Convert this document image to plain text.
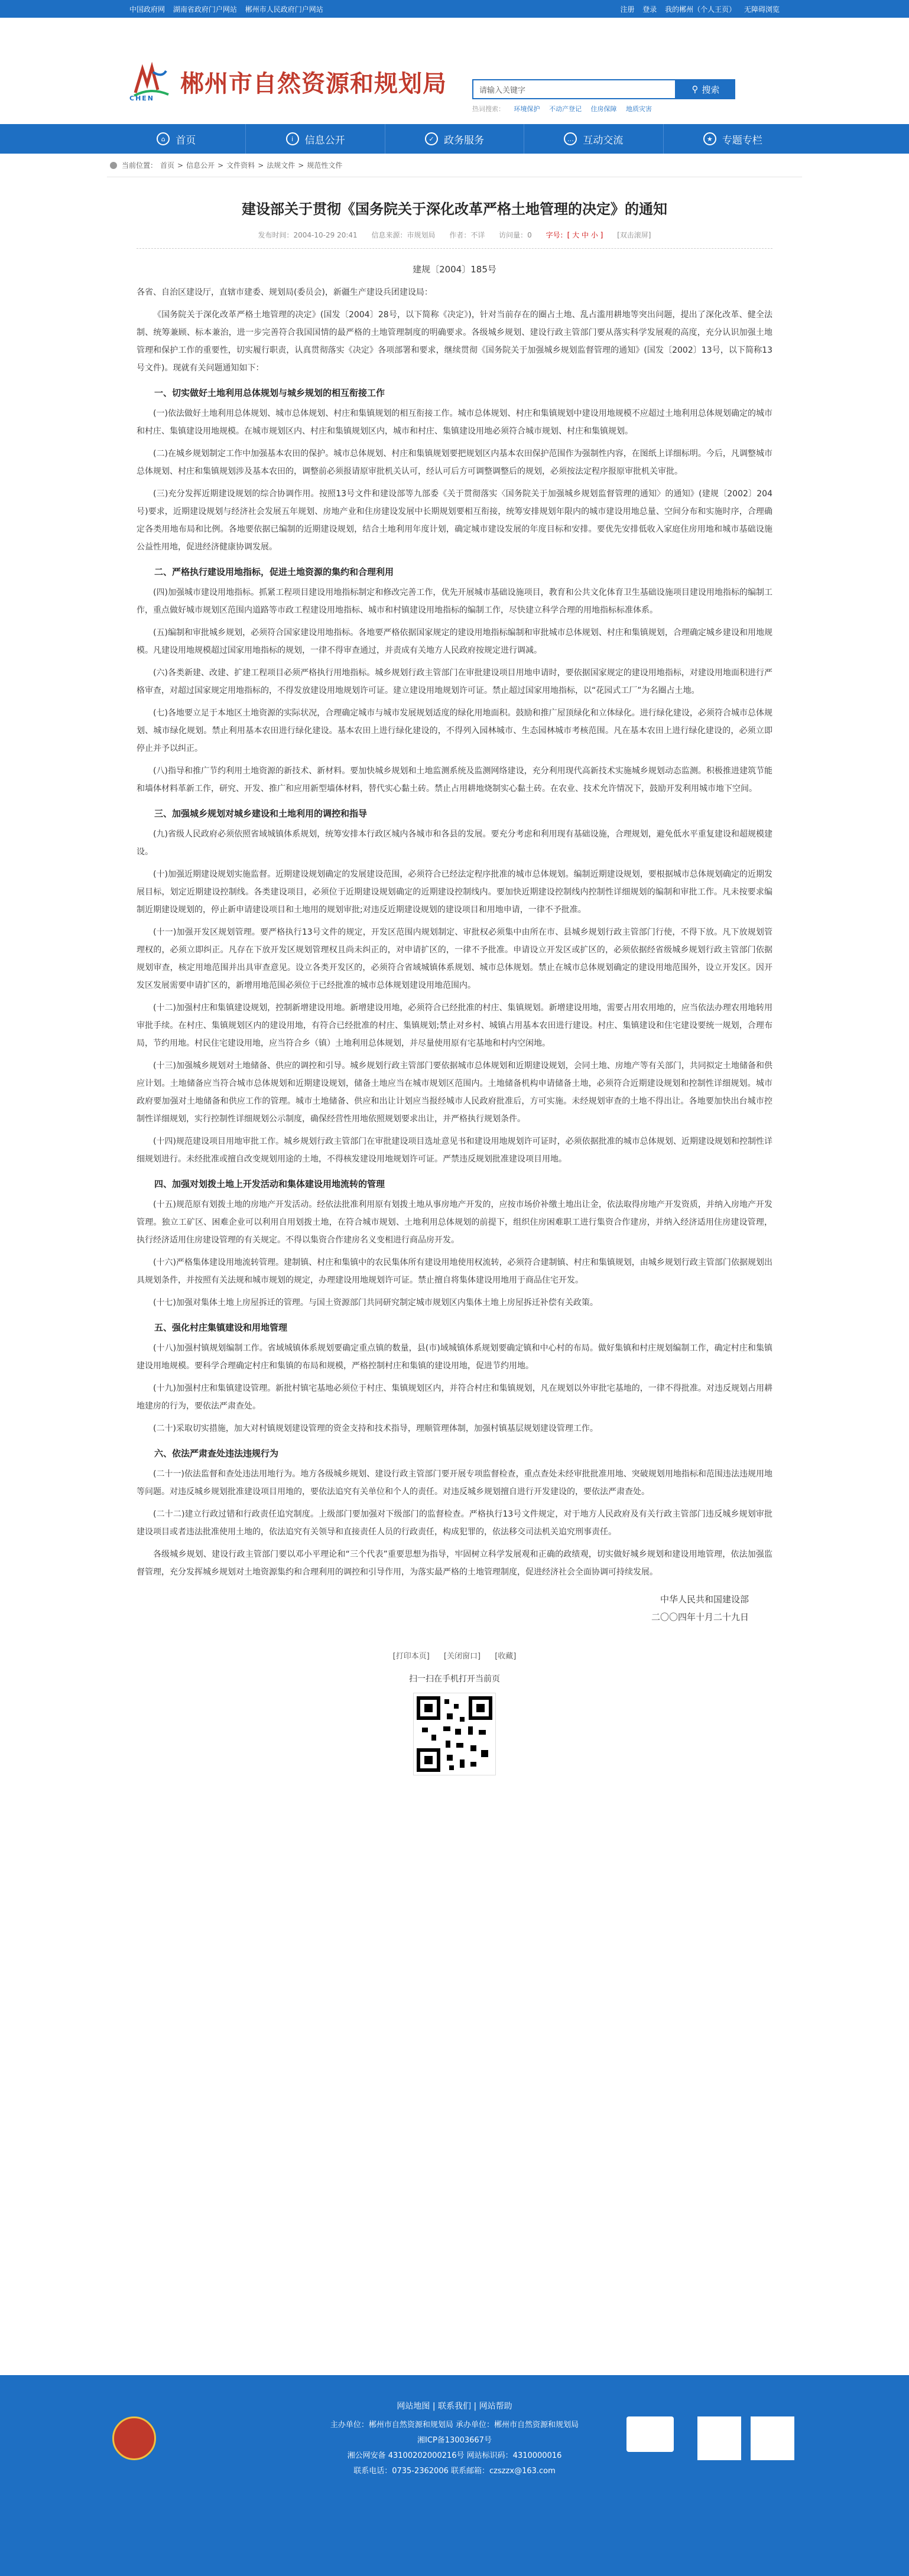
中国政府网 湖南省政府门户网站 郴州市人民政府门户网站	注册 登录 我的郴州（个人王页） 无障碍浏览
CHEN
郴州市自然资源和规划局	请输入关键字	⚲ 搜索
热词搜索： 环境保护 不动产登记 住房保障 地质灾害
⌂	首页	i	信息公开	✓ 政务服务	… 互动交流	★ 专题专栏
当前位置： 首页 > 信息公开 > 文件资料 > 法规文件 > 规范性文件
建设部关于贯彻《国务院关于深化改革严格土地管理的决定》的通知
发布时间：2004-10-29 20:41 信息来源：市规划局 作者：不详 访问量：0 字号：[ 大 中 小 ] [双击滚屏]
建规〔2004〕185号
各省、自治区建设厅，直辖市建委、规划局(委员会)，新疆生产建设兵团建设局：
《国务院关于深化改革严格土地管理的决定》(国发〔2004〕28号，以下简称《决定》)，针对当前存在的圈占土地、乱占滥用耕地等突出问题，提出了深化改革、健全法制、统筹兼顾、标本兼治，进一步完善符合我国国情的最严格的土地管理制度的明确要求。各级城乡规划、建设行政主管部门要从落实科学发展观的高度，充分认识加强土地管理和保护工作的重要性，切实履行职责，认真贯彻落实《决定》各项部署和要求，继续贯彻《国务院关于加强城乡规划监督管理的通知》(国发〔2002〕13号，以下简称13号文件)。现就有关问题通知如下：
一、切实做好土地利用总体规划与城乡规划的相互衔接工作
(一)依法做好土地利用总体规划、城市总体规划、村庄和集镇规划的相互衔接工作。城市总体规划、村庄和集镇规划中建设用地规模不应超过土地利用总体规划确定的城市和村庄、集镇建设用地规模。在城市规划区内、村庄和集镇规划区内，城市和村庄、集镇建设用地必须符合城市规划、村庄和集镇规划。
(二)在城乡规划制定工作中加强基本农田的保护。城市总体规划、村庄和集镇规划要把规划区内基本农田保护范围作为强制性内容，在图纸上详细标明。今后，凡调整城市总体规划、村庄和集镇规划涉及基本农田的，调整前必须报请原审批机关认可，经认可后方可调整调整后的规划，必须按法定程序报原审批机关审批。
(三)充分发挥近期建设规划的综合协调作用。按照13号文件和建设部等九部委《关于贯彻落实〈国务院关于加强城乡规划监督管理的通知〉的通知》(建规〔2002〕204号)要求，近期建设规划与经济社会发展五年规划、房地产业和住房建设发展中长期规划要相互衔接，统筹安排规划年限内的城市建设用地总量、空间分布和实施时序，合理确定各类用地布局和比例。各地要依据已编制的近期建设规划，结合土地利用年度计划，确定城市建设发展的年度目标和安排。要优先安排低收入家庭住房用地和城市基础设施公益性用地，促进经济健康协调发展。
二、严格执行建设用地指标，促进土地资源的集约和合理利用
(四)加强城市建设用地指标。抓紧工程项目建设用地指标制定和修改完善工作，优先开展城市基础设施项目，教育和公共文化体育卫生基础设施项目建设用地指标的编制工作，重点做好城市规划区范围内道路等市政工程建设用地指标、城市和村镇建设用地指标的编制工作，尽快建立科学合理的用地指标标准体系。
(五)编制和审批城乡规划，必须符合国家建设用地指标。各地要严格依据国家规定的建设用地指标编制和审批城市总体规划、村庄和集镇规划，合理确定城乡建设和用地规模。凡建设用地规模超过国家用地指标的规划，一律不得审查通过，并责成有关地方人民政府按规定进行调减。
(六)各类新建、改建、扩建工程项目必须严格执行用地指标。城乡规划行政主管部门在审批建设项目用地申请时，要依据国家规定的建设用地指标，对建设用地面积进行严格审查，对超过国家规定用地指标的，不得发放建设用地规划许可证。建立建设用地规划许可证。禁止超过国家用地指标，以“花园式工厂”为名圈占土地。
(七)各地要立足于本地区土地资源的实际状况，合理确定城市与城市发展规划适度的绿化用地面积。鼓励和推广屋顶绿化和立体绿化。进行绿化建设，必须符合城市总体规划、城市绿化规划。禁止利用基本农田进行绿化建设。基本农田上进行绿化建设的，不得列入园林城市、生态园林城市考核范围。凡在基本农田上进行绿化建设的，必须立即停止并予以纠正。
(八)指导和推广节约利用土地资源的新技术、新材料。要加快城乡规划和土地监测系统及监测网络建设，充分利用现代高新技术实施城乡规划动态监测。积极推进建筑节能和墙体材料革新工作，研究、开发、推广和应用新型墙体材料，替代实心黏土砖。禁止占用耕地烧制实心黏土砖。在农业、技术允许情况下，鼓励开发利用城市地下空间。
三、加强城乡规划对城乡建设和土地利用的调控和指导
(九)省级人民政府必须依照省域城镇体系规划，统筹安排本行政区城内各城市和各县的发展。要充分考虑和利用现有基础设施，合理规划，避免低水平重复建设和超规模建设。
(十)加强近期建设规划实施监督。近期建设规划确定的发展建设范围，必须符合已经法定程序批准的城市总体规划。编制近期建设规划，要根据城市总体规划确定的近期发展目标，划定近期建设控制线。各类建设项目，必须位于近期建设规划确定的近期建设控制线内。要加快近期建设控制线内控制性详细规划的编制和审批工作。凡未按要求编制近期建设规划的，停止新申请建设项目和土地用的规划审批;对违反近期建设规划的建设项目和用地申请，一律不予批准。
(十一)加强开发区规划管理。要严格执行13号文件的规定，开发区范围内规划制定、审批权必须集中由所在市、县城乡规划行政主管部门行使，不得下放。凡下放规划管理权的，必须立即纠正。凡存在下放开发区规划管理权且尚未纠正的，对申请扩区的，一律不予批准。申请设立开发区或扩区的，必须依据经省级城乡规划行政主管部门依据规划审查，核定用地范围并出具审查意见。设立各类开发区的，必须符合省域城镇体系规划、城市总体规划。禁止在城市总体规划确定的建设用地范围外，设立开发区。因开发区发展需要申请扩区的，新增用地范围必须位于已经批准的城市总体规划建设用地范围内。
(十二)加强村庄和集镇建设规划，控制新增建设用地。新增建设用地，必须符合已经批准的村庄、集镇规划。新增建设用地，需要占用农用地的，应当依法办理农用地转用审批手续。在村庄、集镇规划区内的建设用地，有符合已经批准的村庄、集镇规划;禁止对乡村、城镇占用基本农田进行建设。村庄、集镇建设和住宅建设要统一规划，合理布局，节约用地。村民住宅建设用地，应当符合乡（镇）土地利用总体规划，并尽量使用原有宅基地和村内空闲地。
(十三)加强城乡规划对土地储备、供应的调控和引导。城乡规划行政主管部门要依据城市总体规划和近期建设规划，会同土地、房地产等有关部门，共同拟定土地储备和供应计划。土地储备应当符合城市总体规划和近期建设规划，储备土地应当在城市规划区范围内。土地储备机构申请储备土地，必须符合近期建设规划和控制性详细规划。城市政府要加强对土地储备和供应工作的管理。城市土地储备、供应和出让计划应当报经城市人民政府批准后，方可实施。未经规划审查的土地不得出让。各地要加快出台城市控制性详细规划，实行控制性详细规划公示制度，确保经营性用地依照规划要求出让，并严格执行规划条件。
(十四)规范建设项目用地审批工作。城乡规划行政主管部门在审批建设项目选址意见书和建设用地规划许可证时，必须依据批准的城市总体规划、近期建设规划和控制性详细规划进行。未经批准或擅自改变规划用途的土地，不得核发建设用地规划许可证。严禁违反规划批准建设项目用地。
四、加强对划拨土地上开发活动和集体建设用地流转的管理
(十五)规范原有划拨土地的房地产开发活动。经依法批准利用原有划拨土地从事房地产开发的，应按市场价补缴土地出让金，依法取得房地产开发资质，并纳入房地产开发管理。独立工矿区、困难企业可以利用自用划拨土地，在符合城市规划、土地利用总体规划的前提下，组织住房困难职工进行集资合作建房，并纳入经济适用住房建设管理，执行经济适用住房建设管理的有关规定。不得以集资合作建房名义变相进行商品房开发。
(十六)严格集体建设用地流转管理。建制镇、村庄和集镇中的农民集体所有建设用地使用权流转，必须符合建制镇、村庄和集镇规划，由城乡规划行政主管部门依据规划出具规划条件，并按照有关法规和城市规划的规定，办理建设用地规划许可证。禁止擅自将集体建设用地用于商品住宅开发。
(十七)加强对集体土地上房屋拆迁的管理。与国土资源部门共同研究制定城市规划区内集体土地上房屋拆迁补偿有关政策。
五、强化村庄集镇建设和用地管理
(十八)加强村镇规划编制工作。省域城镇体系规划要确定重点镇的数量，县(市)域城镇体系规划要确定镇和中心村的布局。做好集镇和村庄规划编制工作，确定村庄和集镇建设用地规模。要科学合理确定村庄和集镇的布局和规模，严格控制村庄和集镇的建设用地，促进节约用地。
(十九)加强村庄和集镇建设管理。新批村镇宅基地必须位于村庄、集镇规划区内，并符合村庄和集镇规划，凡在规划以外审批宅基地的，一律不得批准。对违反规划占用耕地建房的行为，要依法严肃查处。
(二十)采取切实措施，加大对村镇规划建设管理的资金支持和技术指导，理顺管理体制，加强村镇基层规划建设管理工作。
六、依法严肃查处违法违规行为
(二十一)依法监督和查处违法用地行为。地方各级城乡规划、建设行政主管部门要开展专项监督检查，重点查处未经审批批准用地、突破规划用地指标和范围违法违规用地等问题。对违反城乡规划批准建设项目用地的，要依法追究有关单位和个人的责任。对违反城乡规划擅自进行开发建设的，要依法严肃查处。
(二十二)建立行政过错和行政责任追究制度。上级部门要加强对下级部门的监督检查。严格执行13号文件规定，对于地方人民政府及有关行政主管部门违反城乡规划审批建设项目或者违法批准使用土地的，依法追究有关领导和直接责任人员的行政责任，构成犯罪的，依法移交司法机关追究刑事责任。
各级城乡规划、建设行政主管部门要以邓小平理论和“三个代表”重要思想为指导，牢固树立科学发展观和正确的政绩观，切实做好城乡规划和建设用地管理，依法加强监督管理，充分发挥城乡规划对土地资源集约和合理利用的调控和引导作用，为落实最严格的土地管理制度，促进经济社会全面协调可持续发展。
中华人民共和国建设部
二〇〇四年十月二十九日
[打印本页] [关闭窗口] [收藏]
扫一扫在手机打开当前页
网站地图 | 联系我们 | 网站帮助
主办单位：郴州市自然资源和规划局 承办单位：郴州市自然资源和规划局
湘ICP备13003667号
湘公网安备 43100202000216号 网站标识码：4310000016
联系电话：0735-2362006 联系邮箱：czszzx@163.com
